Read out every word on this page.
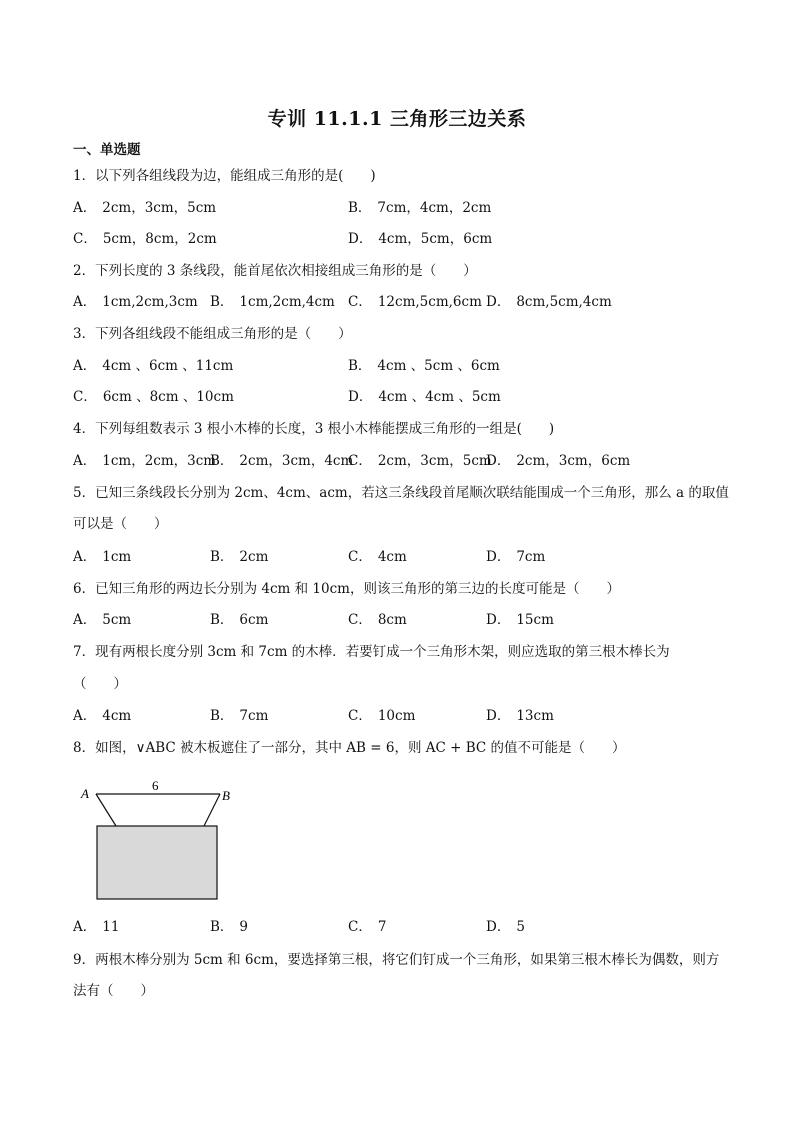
专训 11.1.1 三角形三边关系
一、单选题
1．以下列各组线段为边，能组成三角形的是(　　)
A． 2cm，3cm，5cm	B． 7cm，4cm，2cm
C． 5cm，8cm，2cm	D． 4cm，5cm，6cm
2．下列长度的 3 条线段，能首尾依次相接组成三角形的是（　　）
A． 1cm,2cm,3cm B． 1cm,2cm,4cm C． 12cm,5cm,6cm D． 8cm,5cm,4cm
3．下列各组线段不能组成三角形的是（　　）
A． 4cm 、6cm 、11cm	B． 4cm 、5cm 、6cm
C． 6cm 、8cm 、10cm	D． 4cm 、4cm 、5cm
4．下列每组数表示 3 根小木棒的长度，3 根小木棒能摆成三角形的一组是(　　)
A． 1cm，2cm，3cm
B． 2cm，3cm，4cm
C． 2cm，3cm，5cm
D． 2cm，3cm，6cm
5．已知三条线段长分别为 2cm、4cm、acm，若这三条线段首尾顺次联结能围成一个三角形，那么 a 的取值
可以是（　　）
A． 1cm	B． 2cm	C． 4cm	D． 7cm
6．已知三角形的两边长分别为 4cm 和 10cm，则该三角形的第三边的长度可能是（　　）
A． 5cm	B． 6cm	C． 8cm	D． 15cm
7．现有两根长度分别 3cm 和 7cm 的木棒．若要钉成一个三角形木架，则应选取的第三根木棒长为
（　　）
A． 4cm	B． 7cm	C． 10cm	D． 13cm
8．如图，∨ABC 被木板遮住了一部分，其中 AB = 6，则 AC + BC 的值不可能是（　　）
A	B
6
A． 11	B． 9	C． 7	D． 5
9．两根木棒分别为 5cm 和 6cm，要选择第三根，将它们钉成一个三角形，如果第三根木棒长为偶数，则方
法有（　　）
